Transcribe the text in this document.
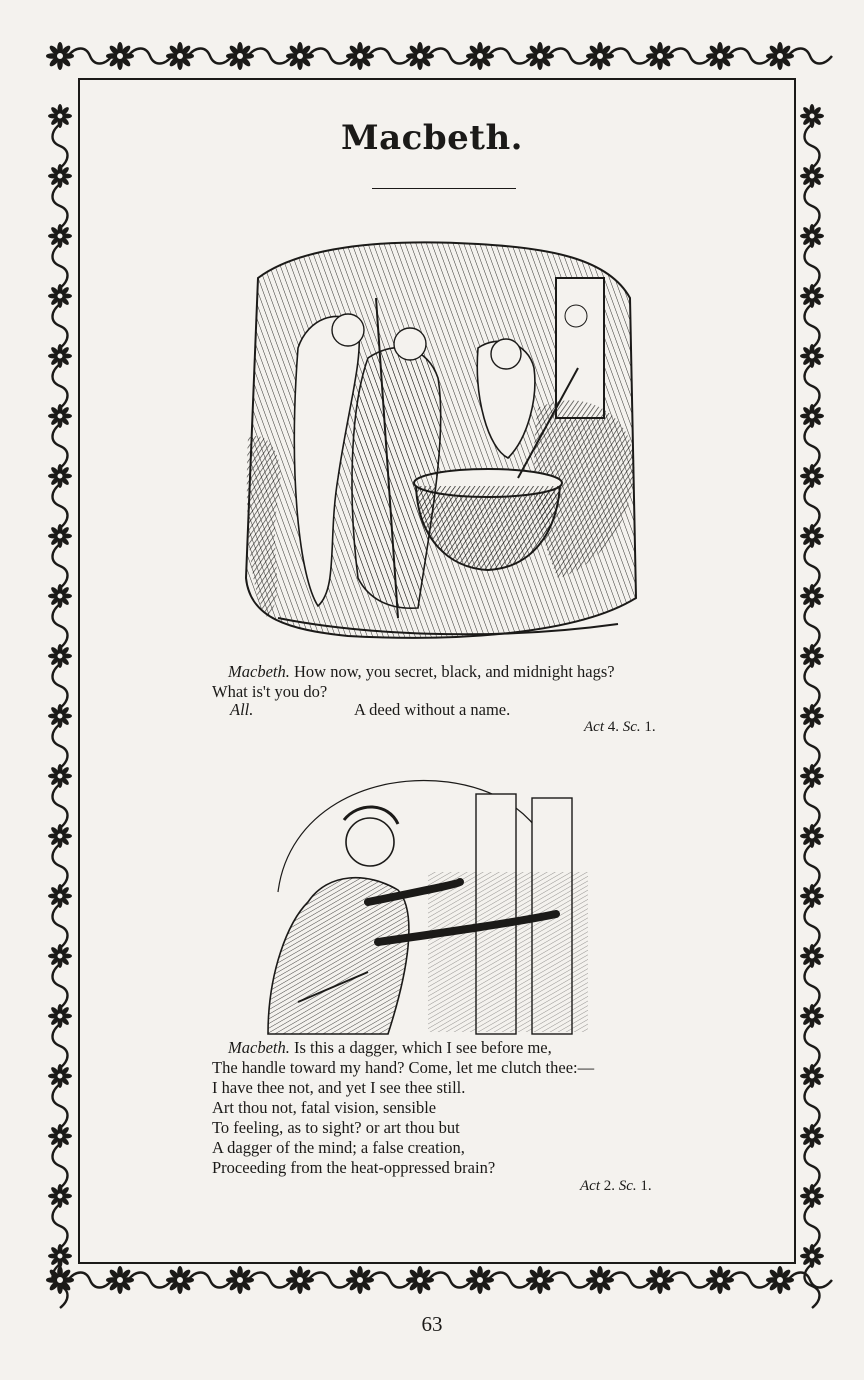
Macbeth.
Macbeth. How now, you secret, black, and midnight hags?
What is't you do?
All.	A deed without a name.
Act 4. Sc. 1.
Macbeth. Is this a dagger, which I see before me,
The handle toward my hand? Come, let me clutch thee:—
I have thee not, and yet I see thee still.
Art thou not, fatal vision, sensible
To feeling, as to sight? or art thou but
A dagger of the mind; a false creation,
Proceeding from the heat-oppressed brain?
Act 2. Sc. 1.
63
